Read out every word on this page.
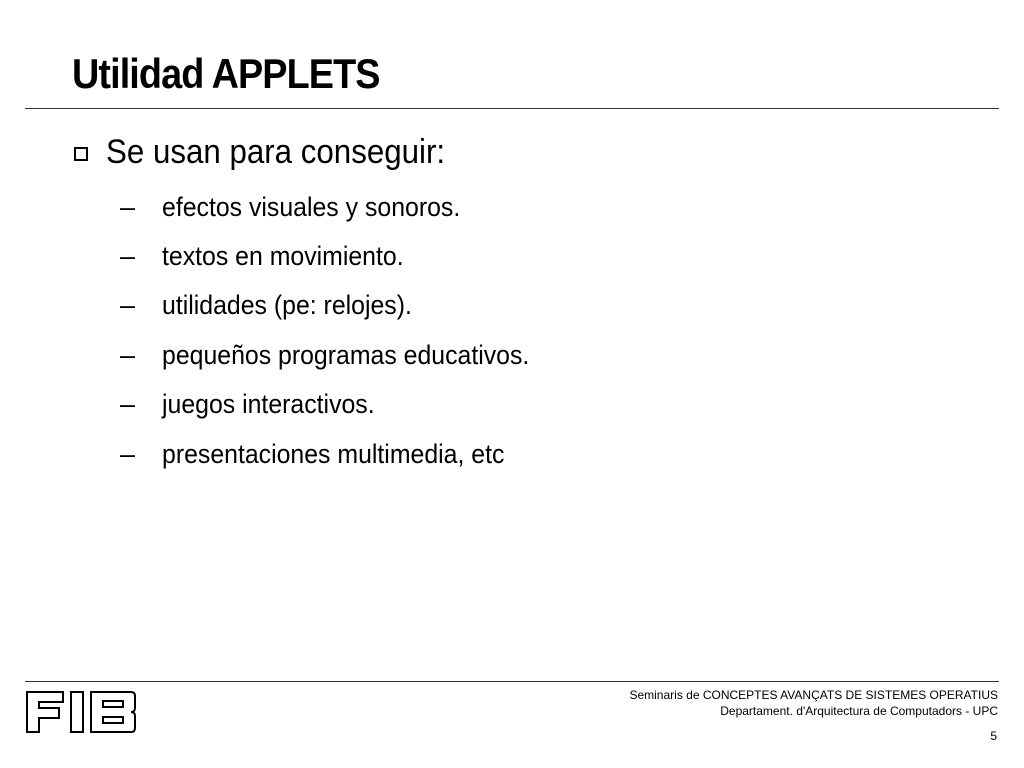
Utilidad APPLETS
Se usan para conseguir:
– efectos visuales y sonoros.
– textos en movimiento.
– utilidades (pe: relojes).
– pequeños programas educativos.
– juegos interactivos.
– presentaciones multimedia, etc
Seminaris de CONCEPTES AVANÇATS DE SISTEMES OPERATIUS
Departament. d'Arquitectura de Computadors - UPC
5
